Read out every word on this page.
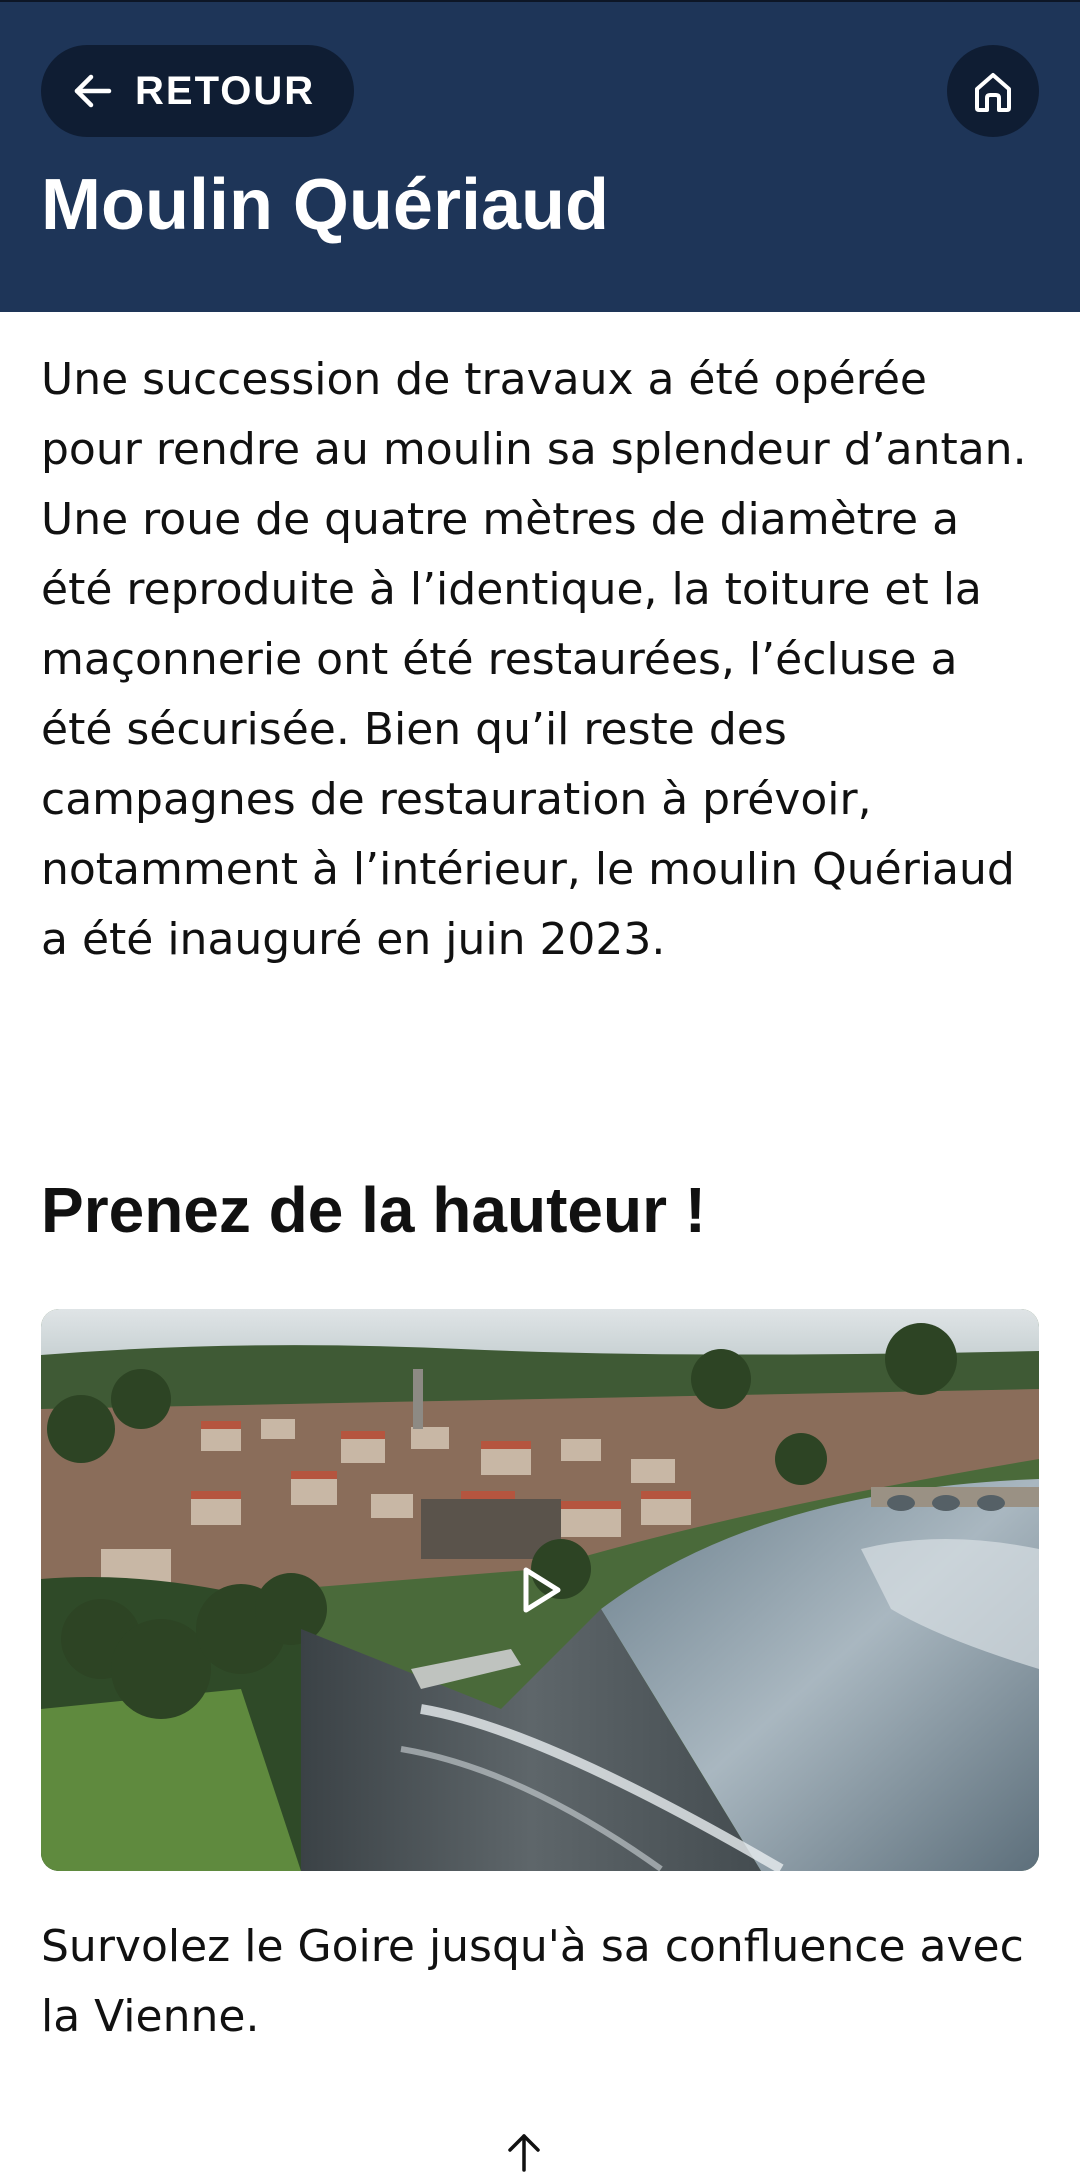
RETOUR
Moulin Quériaud

Une succession de travaux a été opérée pour rendre au moulin sa splendeur d’antan. Une roue de quatre mètres de diamètre a été reproduite à l’identique, la toiture et la maçonnerie ont été restaurées, l’écluse a été sécurisée. Bien qu’il reste des campagnes de restauration à prévoir, notamment à l’intérieur, le moulin Quériaud a été inauguré en juin 2023.

Prenez de la hauteur !

Survolez le Goire jusqu'à sa confluence avec la Vienne.
